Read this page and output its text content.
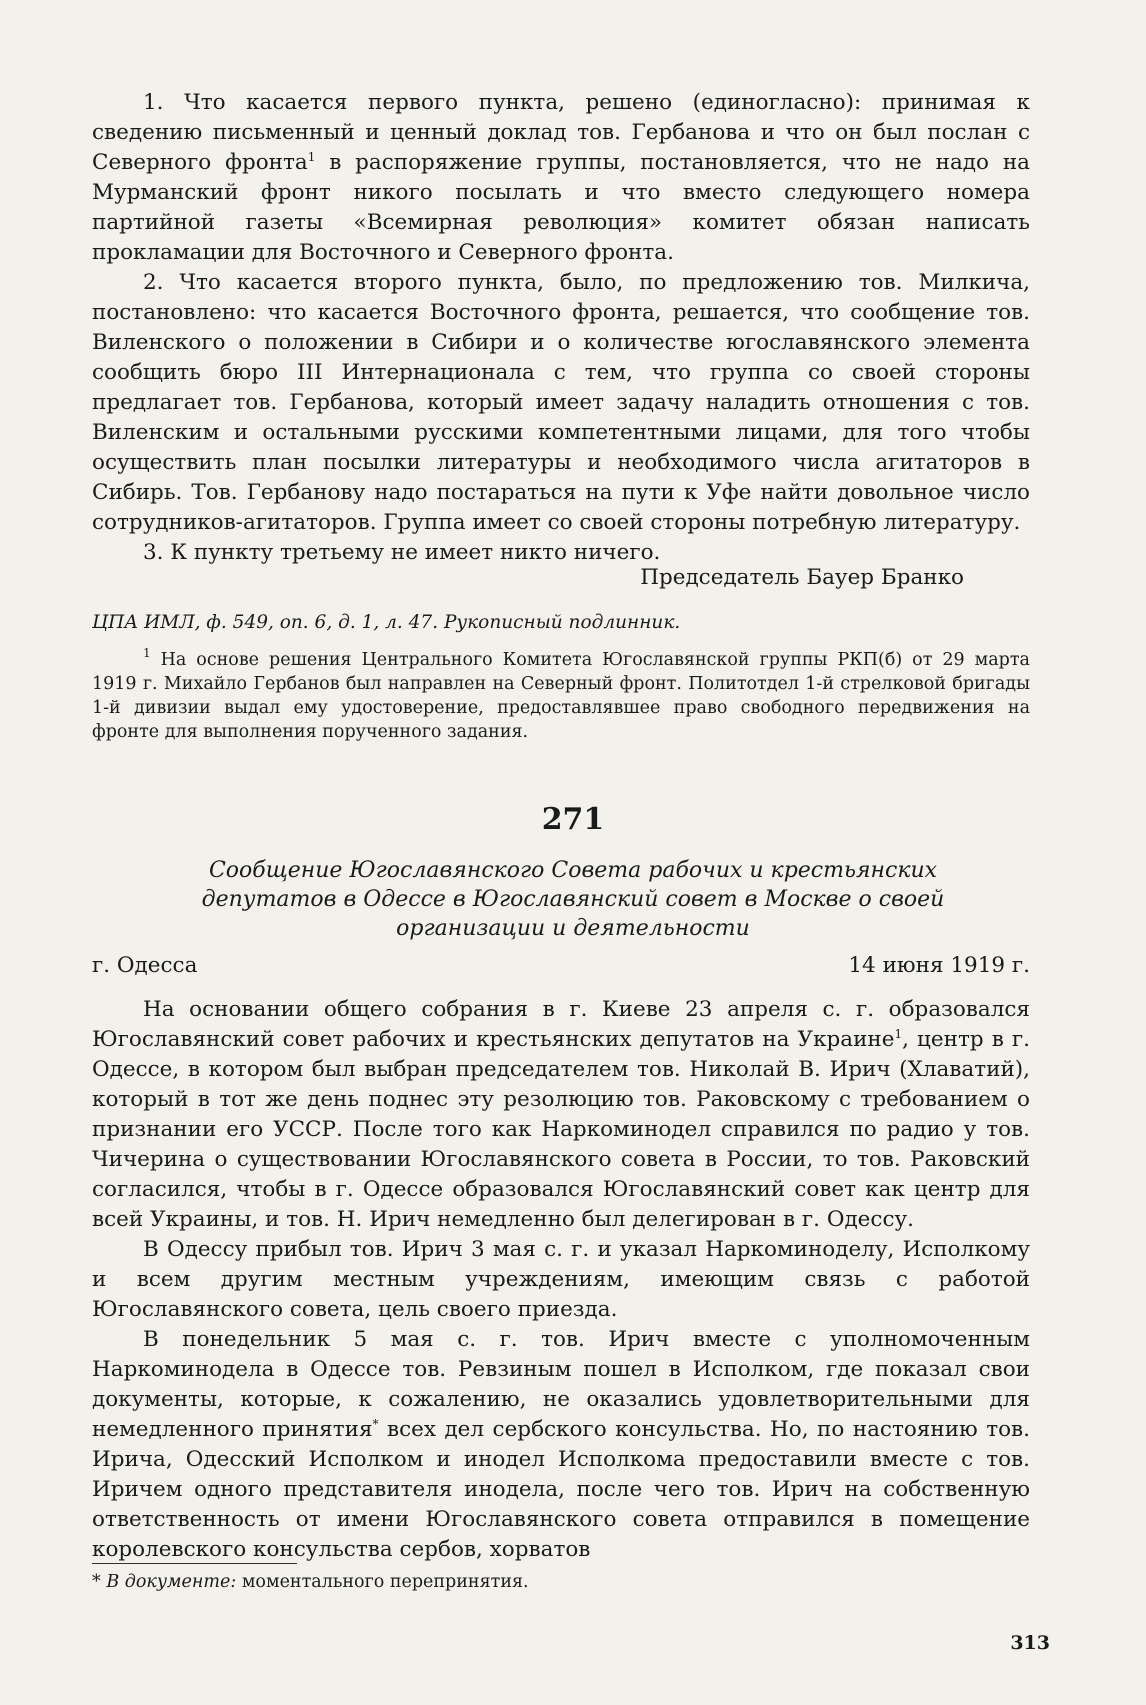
1. Что касается первого пункта, решено (единогласно): принимая к сведению письменный и ценный доклад тов. Гербанова и что он был послан с Северного фронта$^1$ в распоряжение группы, постановляется, что не надо на Мурманский фронт никого посылать и что вместо следующего номера партийной газеты «Всемирная революция» комитет обязан написать прокламации для Восточного и Северного фронта.

2. Что касается второго пункта, было, по предложению тов. Милкича, постановлено: что касается Восточного фронта, решается, что сообщение тов. Виленского о положении в Сибири и о количестве югославянского элемента сообщить бюро III Интернационала с тем, что группа со своей стороны предлагает тов. Гербанова, который имеет задачу наладить отношения с тов. Виленским и остальными русскими компетентными лицами, для того чтобы осуществить план посылки литературы и необходимого числа агитаторов в Сибирь. Тов. Гербанову надо постараться на пути к Уфе найти довольное число сотрудников-агитаторов. Группа имеет со своей стороны потребную литературу.

3. К пункту третьему не имеет никто ничего.

Председатель Бауер Бранко

ЦПА ИМЛ, ф. 549, оп. 6, д. 1, л. 47. Рукописный подлинник.

$^1$ На основе решения Центрального Комитета Югославянской группы РКП(б) от 29 марта 1919 г. Михайло Гербанов был направлен на Северный фронт. Политотдел 1-й стрелковой бригады 1-й дивизии выдал ему удостоверение, предоставлявшее право свободного передвижения на фронте для выполнения порученного задания.

271

Сообщение Югославянского Совета рабочих и крестьянских депутатов в Одессе в Югославянский совет в Москве о своей организации и деятельности

г. Одесса	14 июня 1919 г.

На основании общего собрания в г. Киеве 23 апреля с. г. образовался Югославянский совет рабочих и крестьянских депутатов на Украине$^1$, центр в г. Одессе, в котором был выбран председателем тов. Николай В. Ирич (Хлаватий), который в тот же день поднес эту резолюцию тов. Раковскому с требованием о признании его УССР. После того как Наркоминодел справился по радио у тов. Чичерина о существовании Югославянского совета в России, то тов. Раковский согласился, чтобы в г. Одессе образовался Югославянский совет как центр для всей Украины, и тов. Н. Ирич немедленно был делегирован в г. Одессу.

В Одессу прибыл тов. Ирич 3 мая с. г. и указал Наркоминоделу, Исполкому и всем другим местным учреждениям, имеющим связь с работой Югославянского совета, цель своего приезда.

В понедельник 5 мая с. г. тов. Ирич вместе с уполномоченным Наркоминодела в Одессе тов. Ревзиным пошел в Исполком, где показал свои документы, которые, к сожалению, не оказались удовлетворительными для немедленного принятия* всех дел сербского консульства. Но, по настоянию тов. Ирича, Одесский Исполком и инодел Исполкома предоставили вместе с тов. Иричем одного представителя инодела, после чего тов. Ирич на собственную ответственность от имени Югославянского совета отправился в помещение королевского консульства сербов, хорватов

* В документе: моментального перепринятия.

313
